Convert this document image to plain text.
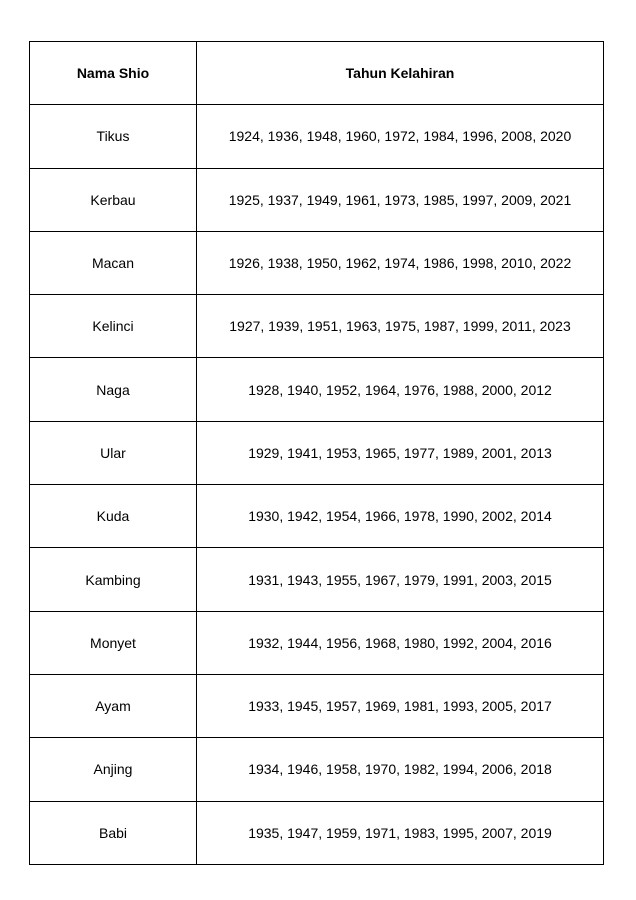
Nama Shio	Tahun Kelahiran
Tikus	1924, 1936, 1948, 1960, 1972, 1984, 1996, 2008, 2020
Kerbau	1925, 1937, 1949, 1961, 1973, 1985, 1997, 2009, 2021
Macan	1926, 1938, 1950, 1962, 1974, 1986, 1998, 2010, 2022
Kelinci	1927, 1939, 1951, 1963, 1975, 1987, 1999, 2011, 2023
Naga	1928, 1940, 1952, 1964, 1976, 1988, 2000, 2012
Ular	1929, 1941, 1953, 1965, 1977, 1989, 2001, 2013
Kuda	1930, 1942, 1954, 1966, 1978, 1990, 2002, 2014
Kambing	1931, 1943, 1955, 1967, 1979, 1991, 2003, 2015
Monyet	1932, 1944, 1956, 1968, 1980, 1992, 2004, 2016
Ayam	1933, 1945, 1957, 1969, 1981, 1993, 2005, 2017
Anjing	1934, 1946, 1958, 1970, 1982, 1994, 2006, 2018
Babi	1935, 1947, 1959, 1971, 1983, 1995, 2007, 2019
